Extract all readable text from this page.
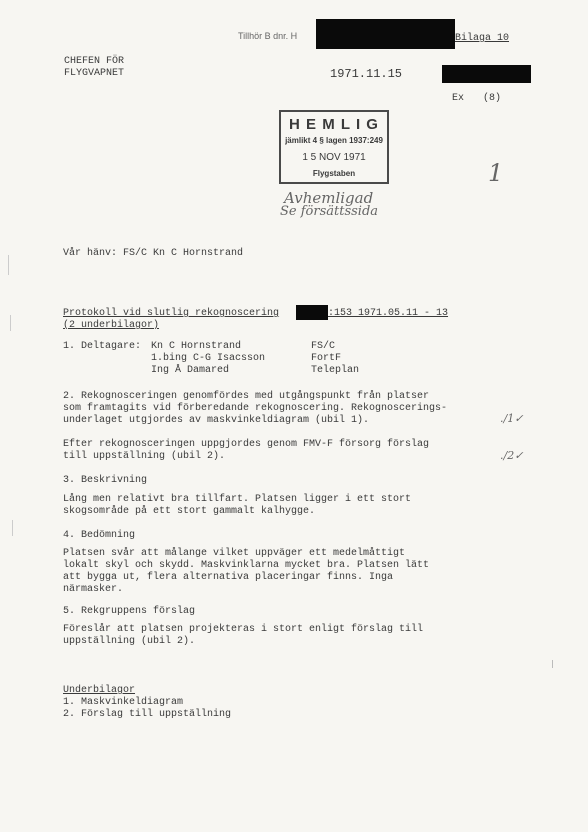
Tillhör B dnr. H	Bilaga 10
CHEFEN FÖR
FLYGVAPNET	1971.11.15
Ex (8)
H E M L I G
jämlikt 4 § lagen 1937:249
1 5 NOV 1971
Flygstaben	1
Avhemligad
Se försättssida
Vår hänv: FS/C Kn C Hornstrand
Protokoll vid slutlig rekognoscering	:153 1971.05.11 - 13
(2 underbilagor)
1. Deltagare: Kn C Hornstrand	FS/C
1.bing C-G Isacsson	FortF
Ing Å Damared	Teleplan
2. Rekognosceringen genomfördes med utgångspunkt från platser
som framtagits vid förberedande rekognoscering. Rekognoscerings-
underlaget utgjordes av maskvinkeldiagram (ubil 1).	./1✓
Efter rekognosceringen uppgjordes genom FMV-F försorg förslag
till uppställning (ubil 2).	./2✓
3. Beskrivning
Lång men relativt bra tillfart. Platsen ligger i ett stort
skogsområde på ett stort gammalt kalhygge.
4. Bedömning
Platsen svår att målange vilket uppväger ett medelmåttigt
lokalt skyl och skydd. Maskvinklarna mycket bra. Platsen lätt
att bygga ut, flera alternativa placeringar finns. Inga
närmasker.
5. Rekgruppens förslag
Föreslår att platsen projekteras i stort enligt förslag till
uppställning (ubil 2).
Underbilagor
1. Maskvinkeldiagram
2. Förslag till uppställning
